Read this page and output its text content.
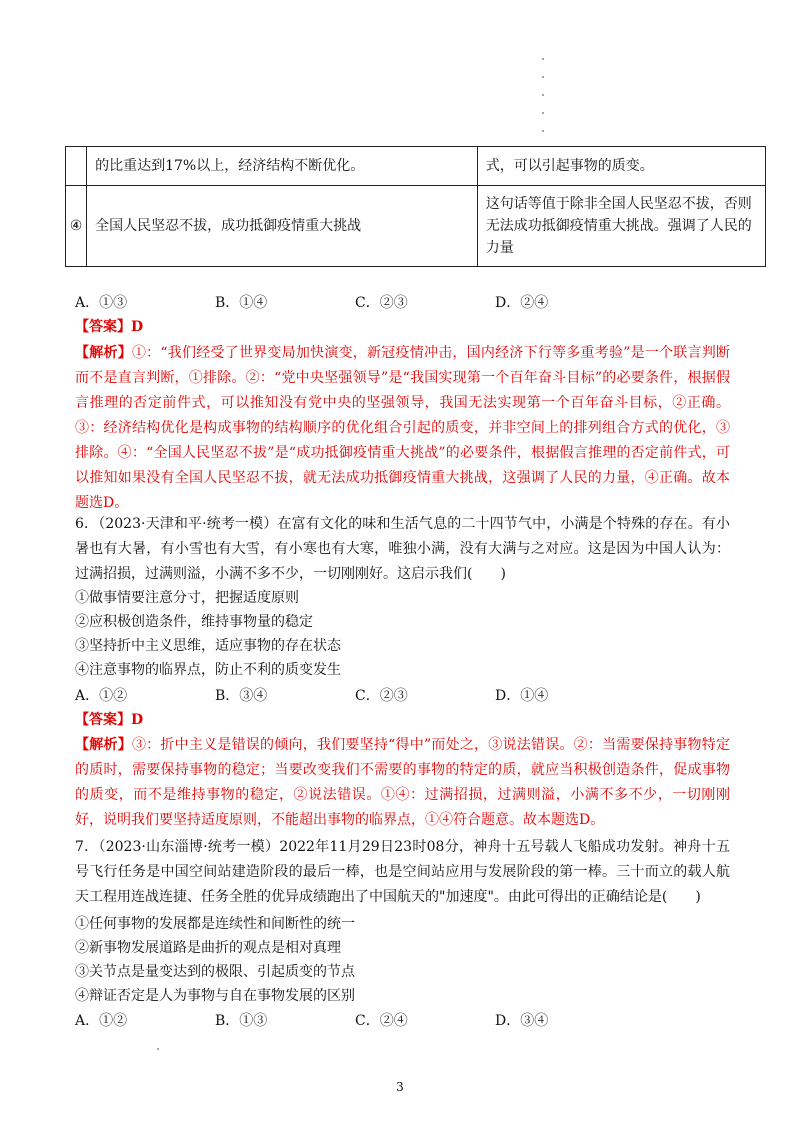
	的比重达到17%以上，经济结构不断优化。	式，可以引起事物的质变。
④	全国人民坚忍不拔，成功抵御疫情重大挑战	这句话等值于除非全国人民坚忍不拔，否则无法成功抵御疫情重大挑战。强调了人民的力量
A．①③	B．①④	C．②③	D．②④
【答案】D

【解析】①：“我们经受了世界变局加快演变，新冠疫情冲击，国内经济下行等多重考验”是一个联言判断而不是直言判断，①排除。②：“党中央坚强领导”是“我国实现第一个百年奋斗目标”的必要条件，根据假言推理的否定前件式，可以推知没有党中央的坚强领导，我国无法实现第一个百年奋斗目标，②正确。③：经济结构优化是构成事物的结构顺序的优化组合引起的质变，并非空间上的排列组合方式的优化，③排除。④：“全国人民坚忍不拔”是“成功抵御疫情重大挑战”的必要条件，根据假言推理的否定前件式，可以推知如果没有全国人民坚忍不拔，就无法成功抵御疫情重大挑战，这强调了人民的力量，④正确。故本题选D。

6．（2023·天津和平·统考一模）在富有文化的味和生活气息的二十四节气中，小满是个特殊的存在。有小暑也有大暑，有小雪也有大雪，有小寒也有大寒，唯独小满，没有大满与之对应。这是因为中国人认为：过满招损，过满则溢，小满不多不少，一切刚刚好。这启示我们(　　)
①做事情要注意分寸，把握适度原则
②应积极创造条件，维持事物量的稳定
③坚持折中主义思维，适应事物的存在状态
④注意事物的临界点，防止不利的质变发生
A．①②	B．③④	C．②③	D．①④
【答案】D

【解析】③：折中主义是错误的倾向，我们要坚持“得中”而处之，③说法错误。②：当需要保持事物特定的质时，需要保持事物的稳定；当要改变我们不需要的事物的特定的质，就应当积极创造条件，促成事物的质变，而不是维持事物的稳定，②说法错误。①④：过满招损，过满则溢，小满不多不少，一切刚刚好，说明我们要坚持适度原则，不能超出事物的临界点，①④符合题意。故本题选D。

7．（2023·山东淄博·统考一模）2022年11月29日23时08分，神舟十五号载人飞船成功发射。神舟十五号飞行任务是中国空间站建造阶段的最后一棒，也是空间站应用与发展阶段的第一棒。三十而立的载人航天工程用连战连捷、任务全胜的优异成绩跑出了中国航天的"加速度"。由此可得出的正确结论是(　　)
①任何事物的发展都是连续性和间断性的统一
②新事物发展道路是曲折的观点是相对真理
③关节点是量变达到的极限、引起质变的节点
④辩证否定是人为事物与自在事物发展的区别
A．①②	B．①③	C．②④	D．③④
3
